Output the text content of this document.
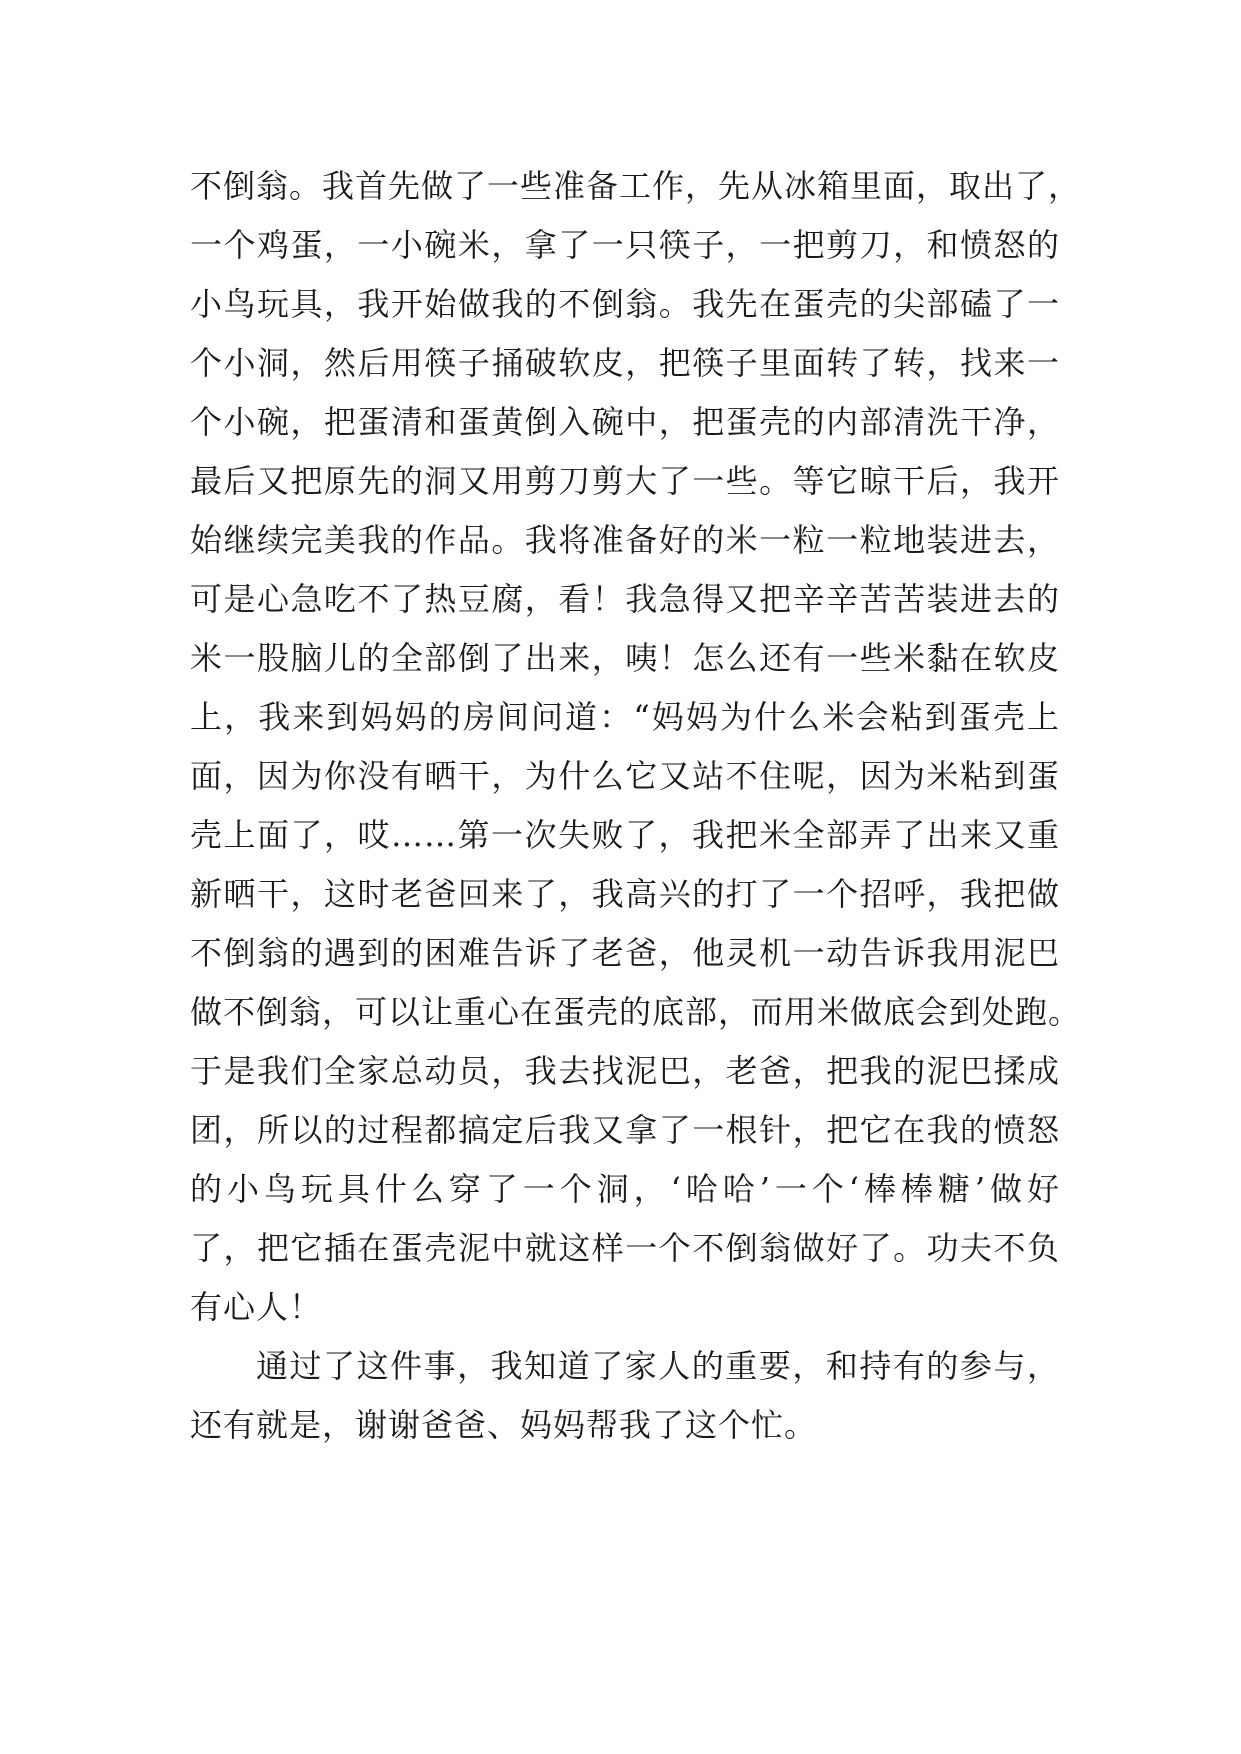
不倒翁。我首先做了一些准备工作，先从冰箱里面，取出了，
一个鸡蛋，一小碗米，拿了一只筷子，一把剪刀，和愤怒的
小鸟玩具，我开始做我的不倒翁。我先在蛋壳的尖部磕了一
个小洞，然后用筷子捅破软皮，把筷子里面转了转，找来一
个小碗，把蛋清和蛋黄倒入碗中，把蛋壳的内部清洗干净，
最后又把原先的洞又用剪刀剪大了一些。等它晾干后，我开
始继续完美我的作品。我将准备好的米一粒一粒地装进去，
可是心急吃不了热豆腐，看！我急得又把辛辛苦苦装进去的
米一股脑儿的全部倒了出来，咦！怎么还有一些米黏在软皮
上，我来到妈妈的房间问道：“妈妈为什么米会粘到蛋壳上
面，因为你没有晒干，为什么它又站不住呢，因为米粘到蛋
壳上面了，哎……第一次失败了，我把米全部弄了出来又重
新晒干，这时老爸回来了，我高兴的打了一个招呼，我把做
不倒翁的遇到的困难告诉了老爸，他灵机一动告诉我用泥巴
做不倒翁，可以让重心在蛋壳的底部，而用米做底会到处跑。
于是我们全家总动员，我去找泥巴，老爸，把我的泥巴揉成
团，所以的过程都搞定后我又拿了一根针，把它在我的愤怒
的小鸟玩具什么穿了一个洞，‘哈哈’一个‘棒棒糖’做好
了，把它插在蛋壳泥中就这样一个不倒翁做好了。功夫不负
有心人！
通过了这件事，我知道了家人的重要，和持有的参与，
还有就是，谢谢爸爸、妈妈帮我了这个忙。
